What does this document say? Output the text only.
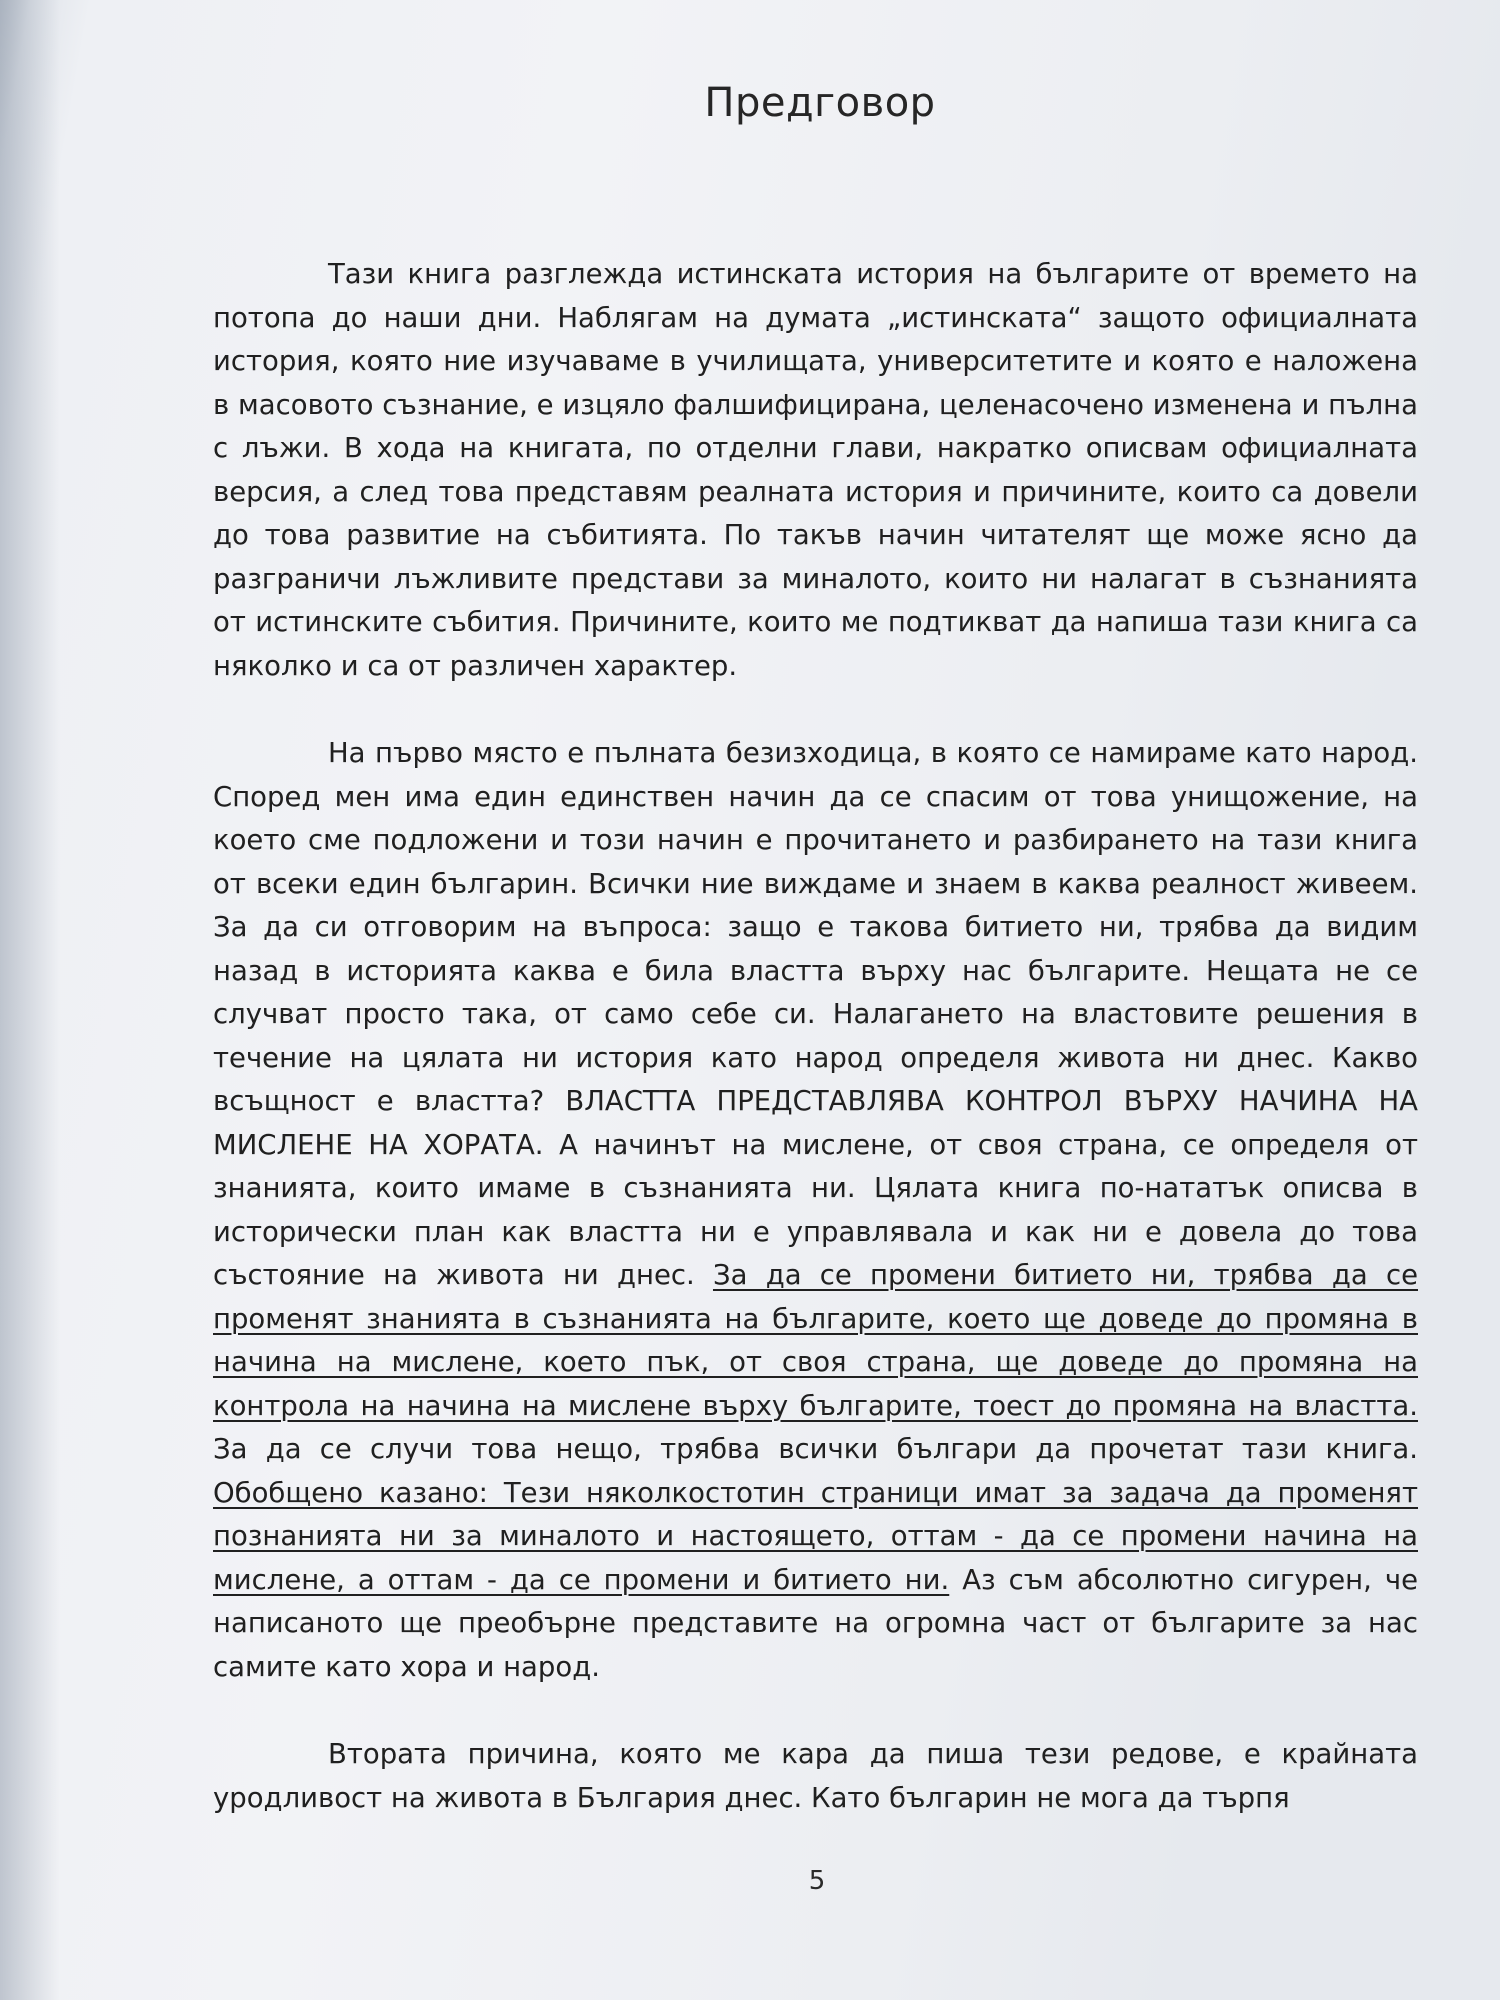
Предговор

Тази книга разглежда истинската история на българите от времето на потопа до наши дни. Наблягам на думата „истинската“ защото официалната история, която ние изучаваме в училищата, университетите и която е наложена в масовото съзнание, е изцяло фалшифицирана, целенасочено изменена и пълна с лъжи. В хода на книгата, по отделни глави, накратко описвам официалната версия, а след това представям реалната история и причините, които са довели до това развитие на събитията. По такъв начин читателят ще може ясно да разграничи лъжливите представи за миналото, които ни налагат в съзнанията от истинските събития. Причините, които ме подтикват да напиша тази книга са няколко и са от различен характер.

На първо място е пълната безизходица, в която се намираме като народ. Според мен има един единствен начин да се спасим от това унищожение, на което сме подложени и този начин е прочитането и разбирането на тази книга от всеки един българин. Всички ние виждаме и знаем в каква реалност живеем. За да си отговорим на въпроса: защо е такова битието ни, трябва да видим назад в историята каква е била властта върху нас българите. Нещата не се случват просто така, от само себе си. Налагането на властовите решения в течение на цялата ни история като народ определя живота ни днес. Какво всъщност е властта? ВЛАСТТА ПРЕДСТАВЛЯВА КОНТРОЛ ВЪРХУ НАЧИНА НА МИСЛЕНЕ НА ХОРАТА. А начинът на мислене, от своя страна, се определя от знанията, които имаме в съзнанията ни. Цялата книга по-нататък описва в исторически план как властта ни е управлявала и как ни е довела до това състояние на живота ни днес. За да се промени битието ни, трябва да се променят знанията в съзнанията на българите, което ще доведе до промяна в начина на мислене, което пък, от своя страна, ще доведе до промяна на контрола на начина на мислене върху българите, тоест до промяна на властта. За да се случи това нещо, трябва всички българи да прочетат тази книга. Обобщено казано: Тези няколкостотин страници имат за задача да променят познанията ни за миналото и настоящето, оттам - да се промени начина на мислене, а оттам - да се промени и битието ни. Аз съм абсолютно сигурен, че написаното ще преобърне представите на огромна част от българите за нас самите като хора и народ.

Втората причина, която ме кара да пиша тези редове, е крайната уродливост на живота в България днес. Като българин не мога да търпя

5
